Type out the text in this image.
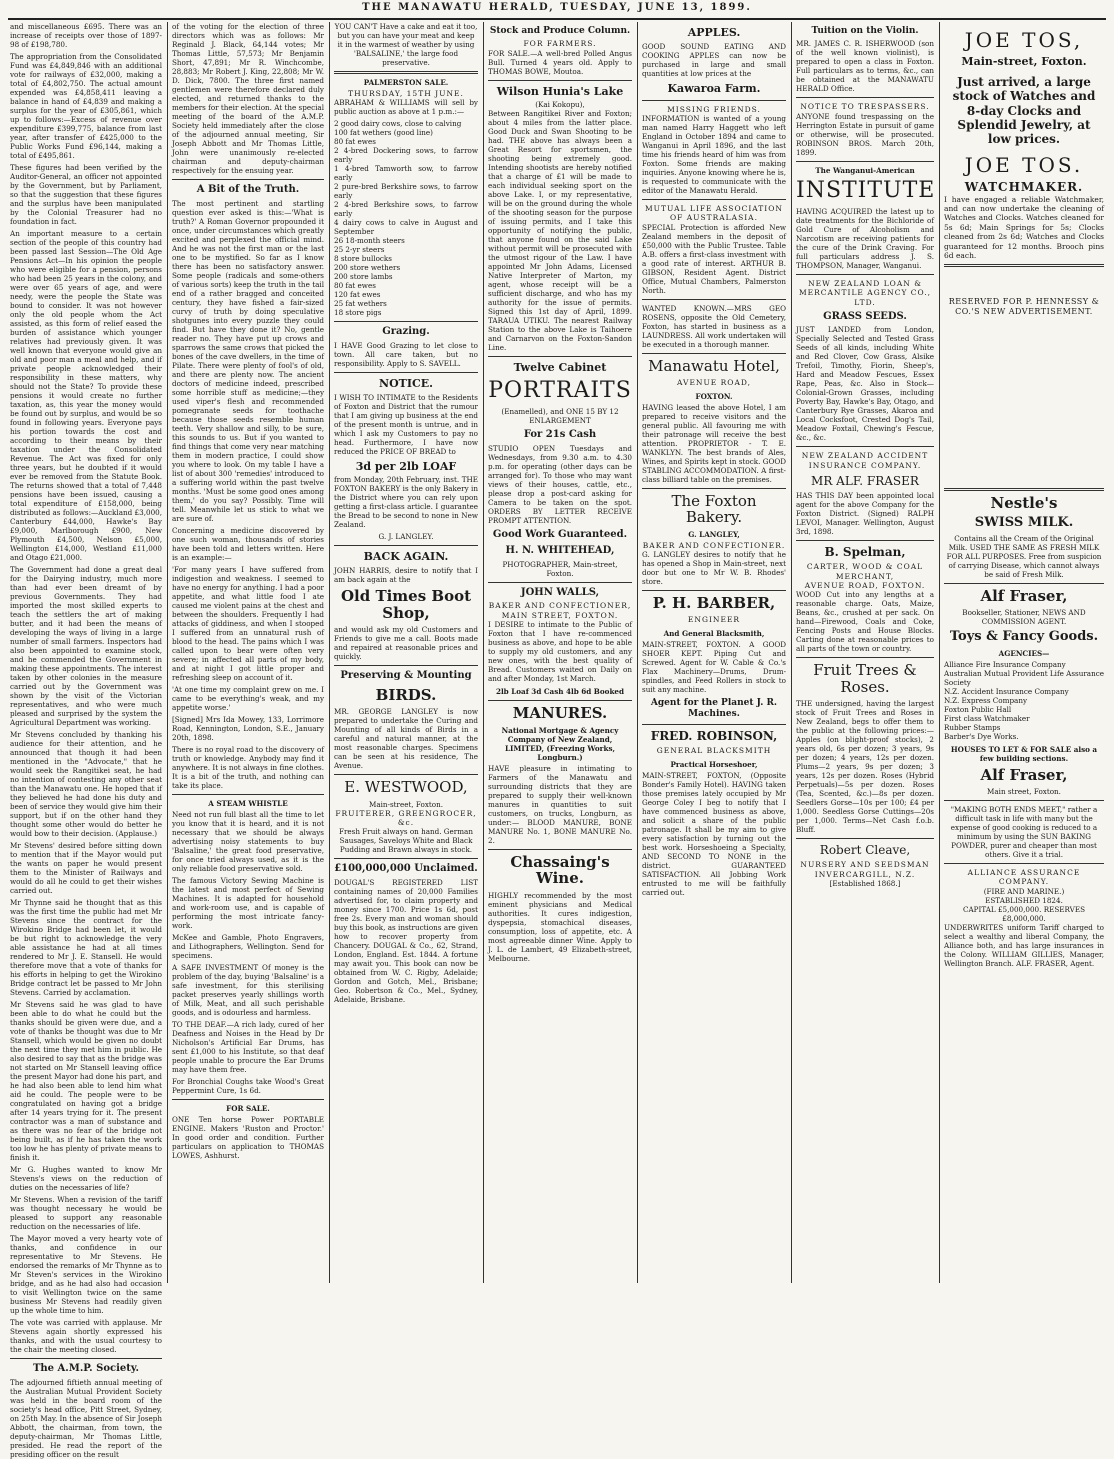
THE MANAWATU HERALD, TUESDAY, JUNE 13, 1899.

and miscellaneous £695. There was an increase of receipts over those of 1897-98 of £198,780.

The appropriation from the Consolidated Fund was £4,849,846 with an additional vote for railways of £32,000, making a total of £4,802,750. The actual amount expended was £4,858,411 leaving a balance in hand of £4,839 and making a surplus for the year of £305,861, which up to follows:—Excess of revenue over expenditure £399,775, balance from last year, after transfer of £425,000 to the Public Works Fund £96,144, making a total of £495,861.

These figures had been verified by the Auditor-General, an officer not appointed by the Government, but by Parliament, so that the suggestion that these figures and the surplus have been manipulated by the Colonial Treasurer had no foundation in fact.

An important measure to a certain section of the people of this country had been passed last Session—The Old Age Pensions Act—In his opinion the people who were eligible for a pension, persons who had been 25 years in the colony, and were over 65 years of age, and were needy, were the people the State was bound to consider. It was not however only the old people whom the Act assisted, as this form of relief eased the burden of assistance which younger relatives had previously given. It was well known that everyone would give an old and poor man a meal and help, and if private people acknowledged their responsibility in these matters, why should not the State? To provide these pensions it would create no further taxation, as, this year the money would be found out by surplus, and would be so found in following years. Everyone pays his portion towards the cost and according to their means by their taxation under the Consolidated Revenue. The Act was fixed for only three years, but he doubted if it would ever be removed from the Statute Book. The returns showed that a total of 7,448 pensions have been issued, causing a total expenditure of £158,000, being distributed as follows:—Auckland £3,000, Canterbury £44,000, Hawke's Bay £9,000, Marlborough £900, New Plymouth £4,500, Nelson £5,000, Wellington £14,000, Westland £11,000 and Otago £21,000.

The Government had done a great deal for the Dairying industry, much more than had ever been dreamt of by previous Governments. They had imported the most skilled experts to teach the settlers the art of making butter, and it had been the means of developing the ways of living in a large number of small farmers. Inspectors had also been appointed to examine stock, and he commended the Government in making these appointments. The interest taken by other colonies in the measure carried out by the Government was shown by the visit of the Victorian representatives, and who were much pleased and surprised by the system the Agricultural Department was working.

Mr Stevens concluded by thanking his audience for their attention, and he announced that though it had been mentioned in the "Advocate," that he would seek the Rangitikei seat, he had no intention of contesting any other seat than the Manawatu one. He hoped that if they believed he had done his duty and been of service they would give him their support, but if on the other hand they thought some other would do better he would bow to their decision. (Applause.)

Mr Stevens' desired before sitting down to mention that if the Mayor would put the wants on paper he would present them to the Minister of Railways and would do all he could to get their wishes carried out.

Mr Thynne said he thought that as this was the first time the public had met Mr Stevens since the contract for the Wirokino Bridge had been let, it would be but right to acknowledge the very able assistance he had at all times rendered to Mr J. E. Stansell. He would therefore move that a vote of thanks for his efforts in helping to get the Wirokino Bridge contract let be passed to Mr John Stevens. Carried by acclamation.

Mr Stevens said he was glad to have been able to do what he could but the thanks should be given were due, and a vote of thanks be thought was due to Mr Stansell, which would be given no doubt the next time they met him in public. He also desired to say that as the bridge was not started on Mr Stansell leaving office the present Mayor had done his part, and he had also been able to lend him what aid he could. The people were to be congratulated on having got a bridge after 14 years trying for it. The present contractor was a man of substance and as there was no fear of the bridge not being built, as if he has taken the work too low he has plenty of private means to finish it.

Mr G. Hughes wanted to know Mr Stevens's views on the reduction of duties on the necessaries of life?

Mr Stevens. When a revision of the tariff was thought necessary he would be pleased to support any reasonable reduction on the necessaries of life.

The Mayor moved a very hearty vote of thanks, and confidence in our representative to Mr Stevens. He endorsed the remarks of Mr Thynne as to Mr Steven's services in the Wirokino bridge, and as he had also had occasion to visit Wellington twice on the same business Mr Stevens had readily given up the whole time to him.

The vote was carried with applause. Mr Stevens again shortly expressed his thanks, and with the usual courtesy to the chair the meeting closed.

The A.M.P. Society.

The adjourned fiftieth annual meeting of the Australian Mutual Provident Society was held in the board room of the society's head office, Pitt Street, Sydney, on 25th May. In the absence of Sir Joseph Abbott, the chairman, from town, the deputy-chairman, Mr Thomas Little, presided. He read the report of the presiding officer on the result

of the voting for the election of three directors which was as follows: Mr Reginald J. Black, 64,144 votes; Mr Thomas Little, 57,573; Mr Benjamin Short, 47,891; Mr R. Winchcombe, 28,883; Mr Robert J. King, 22,808; Mr W. D. Dick, 7800. The three first named gentlemen were therefore declared duly elected, and returned thanks to the members for their election. At the special meeting of the board of the A.M.P. Society held immediately after the close of the adjourned annual meeting, Sir Joseph Abbott and Mr Thomas Little, John were unanimously re-elected chairman and deputy-chairman respectively for the ensuing year.

A Bit of the Truth.

The most pertinent and startling question ever asked is this:—'What is truth?' A Roman Governor propounded it once, under circumstances which greatly excited and perplexed the official mind. And he was not the first man or the last one to be mystified. So far as I know there has been no satisfactory answer. Some people (radicals and some-others of various sorts) keep the truth in the tail end of a rather bragged and conceited century, they have fished a fair-sized curvy of truth by doing speculative shotgunes into every puzzle they could find. But have they done it? No, gentle reader no. They have put up crows and sparrows the same crows that picked the bones of the cave dwellers, in the time of Pilate. There were plenty of fool's of old, and there are plenty now. The ancient doctors of medicine indeed, prescribed some horrible stuff as medicine;—they used viper's flesh and recommended pomegranate seeds for toothache because those seeds resemble human teeth. Very shallow and silly, to be sure, this sounds to us. But if you wanted to find things that come very near matching them in modern practice, I could show you where to look. On my table I have a list of about 300 'remedies' introduced to a suffering world within the past twelve months. 'Must be some good ones among them,' do you say? Possibly. Time will tell. Meanwhile let us stick to what we are sure of.

Concerning a medicine discovered by one such woman, thousands of stories have been told and letters written. Here is an example:—

'For many years I have suffered from indigestion and weakness. I seemed to have no energy for anything. I had a poor appetite, and what little food I ate caused me violent pains at the chest and between the shoulders. Frequently I had attacks of giddiness, and when I stooped I suffered from an unnatural rush of blood to the head. The pains which I was called upon to bear were often very severe; in affected all parts of my body, and at night I got little proper and refreshing sleep on account of it.

'At one time my complaint grew on me. I came to be everything's weak, and my appetite worse.'

[Signed] Mrs Ida Mowey, 133, Lorrimore Road, Kennington, London, S.E., January 20th, 1898.

There is no royal road to the discovery of truth or knowledge. Anybody may find it anywhere. It is not always in fine clothes. It is a bit of the truth, and nothing can take its place.

A STEAM WHISTLE

Need not run full blast all the time to let you know that it is heard, and it is not necessary that we should be always advertising noisy statements to buy 'Balsaline,' the great food preservative, for once tried always used, as it is the only reliable food preservative sold.

The famous Victory Sewing Machine is the latest and most perfect of Sewing Machines. It is adapted for household and work-room use, and is capable of performing the most intricate fancy-work.

McKee and Gamble, Photo Engravers, and Lithographers, Wellington. Send for specimens.

A SAFE INVESTMENT Of money is the problem of the day, buying 'Balsaline' is a safe investment, for this sterilising packet preserves yearly shillings worth of Milk, Meat, and all such perishable goods, and is odourless and harmless.

TO THE DEAF.—A rich lady, cured of her Deafness and Noises in the Head by Dr Nicholson's Artificial Ear Drums, has sent £1,000 to his Institute, so that deaf people unable to procure the Ear Drums may have them free.

For Bronchial Coughs take Wood's Great Peppermint Cure, 1s 6d.

FOR SALE.

ONE Ten horse Power PORTABLE ENGINE. Makers 'Ruston and Proctor.' In good order and condition. Further particulars on application to THOMAS LOWES, Ashhurst.

YOU CAN'T Have a cake and eat it too, but you can have your meat and keep it in the warmest of weather by using 'BALSALINE,' the large food preservative.

PALMERSTON SALE.
THURSDAY, 15TH JUNE.

ABRAHAM & WILLIAMS will sell by public auction as above at 1 p.m.:—

2 good dairy cows, close to calving
100 fat wethers (good line)
80 fat ewes
2 4-bred Dockering sows, to farrow early
1 4-bred Tamworth sow, to farrow early
2 pure-bred Berkshire sows, to farrow early
2 4-bred Berkshire sows, to farrow early
4 dairy cows to calve in August and September
26 18-month steers
25 2-yr steers
8 store bullocks
200 store wethers
200 store lambs
80 fat ewes
120 fat ewes
25 fat wethers
18 store pigs
Grazing.

I HAVE Good Grazing to let close to town. All care taken, but no responsibility. Apply to S. SAVELL.

NOTICE.

I WISH TO INTIMATE to the Residents of Foxton and District that the rumour that I am giving up business at the end of the present month is untrue, and in which I ask my Customers to pay no head. Furthermore, I have now reduced the PRICE OF BREAD to

3d per 2lb LOAF

from Monday, 20th February, inst. THE FOXTON BAKERY is the only Bakery in the District where you can rely upon getting a first-class article. I guarantee the Bread to be second to none in New Zealand.

G. J. LANGLEY.
BACK AGAIN.

JOHN HARRIS, desire to notify that I am back again at the

Old Times Boot Shop,

and would ask my old Customers and Friends to give me a call. Boots made and repaired at reasonable prices and quickly.

Preserving & Mounting
BIRDS.

MR. GEORGE LANGLEY is now prepared to undertake the Curing and Mounting of all kinds of Birds in a careful and natural manner, at the most reasonable charges. Specimens can be seen at his residence, The Avenue.

E. WESTWOOD,
Main-street, Foxton.
FRUITERER, GREENGROCER, &c.

Fresh Fruit always on hand. German Sausages, Saveloys White and Black Pudding and Brawn always in stock.

£100,000,000 Unclaimed.

DOUGAL'S REGISTERED LIST containing names of 20,000 Families advertised for, to claim property and money since 1700. Price 1s 6d, post free 2s. Every man and woman should buy this book, as instructions are given how to recover property from Chancery. DOUGAL & Co., 62, Strand, London, England. Est. 1844. A fortune may await you. This book can now be obtained from W. C. Rigby, Adelaide; Gordon and Gotch, Mel., Brisbane; Geo. Robertson & Co., Mel., Sydney, Adelaide, Brisbane.

Stock and Produce Column.
FOR FARMERS.

FOR SALE.—A well-bred Polled Angus Bull. Turned 4 years old. Apply to THOMAS BOWE, Moutoa.

Wilson Hunia's Lake
(Kai Kokopu),

Between Rangitikei River and Foxton; about 4 miles from the latter place. Good Duck and Swan Shooting to be had. THE above has always been a Great Resort for sportsmen, the shooting being extremely good. Intending shootists are hereby notified that a charge of £1 will be made to each individual seeking sport on the above Lake. I, or my representative, will be on the ground during the whole of the shooting season for the purpose of issuing permits, and I take this opportunity of notifying the public, that anyone found on the said Lake without permit will be prosecuted with the utmost rigour of the Law. I have appointed Mr John Adams, Licensed Native Interpreter of Marton, my agent, whose receipt will be a sufficient discharge, and who has my authority for the issue of permits. Signed this 1st day of April, 1899. TARAUA UTIKU. The nearest Railway Station to the above Lake is Taihoere and Carnarvon on the Foxton-Sandon Line.

Twelve Cabinet
PORTRAITS
(Enamelled), and ONE 15 BY 12 ENLARGEMENT
For 21s Cash

STUDIO OPEN Tuesdays and Wednesdays, from 9.30 a.m. to 4.30 p.m. for operating (other days can be arranged for). To those who may want views of their houses, cattle, etc., please drop a post-card asking for Camera to be taken on the spot. ORDERS BY LETTER RECEIVE PROMPT ATTENTION.

Good Work Guaranteed.
H. N. WHITEHEAD,
PHOTOGRAPHER, Main-street, Foxton.
JOHN WALLS,
BAKER AND CONFECTIONER, MAIN STREET, FOXTON.

I DESIRE to intimate to the Public of Foxton that I have re-commenced business as above, and hope to be able to supply my old customers, and any new ones, with the best quality of Bread. Customers waited on Daily on and after Monday, 1st March.

2lb Loaf 3d Cash 4lb 6d Booked
MANURES.
National Mortgage & Agency Company of New Zealand, LIMITED, (Freezing Works, Longburn.)

HAVE pleasure in intimating to Farmers of the Manawatu and surrounding districts that they are prepared to supply their well-known manures in quantities to suit customers, on trucks, Longburn, as under:— BLOOD MANURE, BONE MANURE No. 1, BONE MANURE No. 2.

Chassaing's Wine.

HIGHLY recommended by the most eminent physicians and Medical authorities. It cures indigestion, dyspepsia, stomachical diseases, consumption, loss of appetite, etc. A most agreeable dinner Wine. Apply to J. L. de Lambert, 49 Elizabeth-street, Melbourne.

APPLES.

GOOD SOUND EATING AND COOKING APPLES can now be purchased in large and small quantities at low prices at the

Kawaroa Farm.
MISSING FRIENDS.

INFORMATION is wanted of a young man named Harry Haggett who left England in October 1894 and came to Wanganui in April 1896, and the last time his friends heard of him was from Foxton. Some friends are making inquiries. Anyone knowing where he is, is requested to communicate with the editor of the Manawatu Herald.

MUTUAL LIFE ASSOCIATION OF AUSTRALASIA.

SPECIAL Protection is afforded New Zealand members in the deposit of £50,000 with the Public Trustee. Table A.B. offers a first-class investment with a good rate of interest. ARTHUR B. GIBSON, Resident Agent. District Office, Mutual Chambers, Palmerston North.

WANTED KNOWN.—MRS GEO ROSENS, opposite the Old Cemetery, Foxton, has started in business as a LAUNDRESS. All work undertaken will be executed in a thorough manner.

Manawatu Hotel,
AVENUE ROAD,
FOXTON.

HAVING leased the above Hotel, I am prepared to receive visitors and the general public. All favouring me with their patronage will receive the best attention. PROPRIETOR - T. E. WANKLYN. The best brands of Ales, Wines, and Spirits kept in stock. GOOD STABLING ACCOMMODATION. A first-class billiard table on the premises.

The Foxton Bakery.
G. LANGLEY,
BAKER AND CONFECTIONER.

G. LANGLEY desires to notify that he has opened a Shop in Main-street, next door but one to Mr W. B. Rhodes' store.

P. H. BARBER,
ENGINEER
And General Blacksmith,

MAIN-STREET, FOXTON. A GOOD SHOER KEPT. Piping Cut and Screwed. Agent for W. Cable & Co.'s Flax Machinery—Drums, Drum-spindles, and Feed Rollers in stock to suit any machine.

Agent for the Planet J. R. Machines.
FRED. ROBINSON,
GENERAL BLACKSMITH
Practical Horseshoer,

MAIN-STREET, FOXTON, (Opposite Bonder's Family Hotel). HAVING taken those premises lately occupied by Mr George Coley I beg to notify that I have commenced business as above, and solicit a share of the public patronage. It shall be my aim to give every satisfaction by turning out the best work. Horseshoeing a Specialty, AND SECOND TO NONE in the district. GUARANTEED SATISFACTION. All Jobbing Work entrusted to me will be faithfully carried out.

Tuition on the Violin.

MR. JAMES C. R. ISHERWOOD (son of the well known violinist), is prepared to open a class in Foxton. Full particulars as to terms, &c., can be obtained at the MANAWATU HERALD Office.

NOTICE TO TRESPASSERS.

ANYONE found trespassing on the Herrington Estate in pursuit of game or otherwise, will be prosecuted. ROBINSON BROS. March 20th, 1899.

The Wanganui-American
INSTITUTE

HAVING ACQUIRED the latest up to date treatments for the Bichloride of Gold Cure of Alcoholism and Narcotism are receiving patients for the cure of the Drink Craving. For full particulars address J. S. THOMPSON, Manager, Wanganui.

NEW ZEALAND LOAN & MERCANTILE AGENCY CO., LTD.
GRASS SEEDS.

JUST LANDED from London, Specially Selected and Tested Grass Seeds of all kinds, including White and Red Clover, Cow Grass, Alsike Trefoil, Timothy, Fiorin, Sheep's, Hard and Meadow Fescues, Essex Rape, Peas, &c. Also in Stock—Colonial-Grown Grasses, including Poverty Bay, Hawke's Bay, Otago, and Canterbury Rye Grasses, Akaroa and Local Cocksfoot, Crested Dog's Tail, Meadow Foxtail, Chewing's Fescue, &c., &c.

NEW ZEALAND ACCIDENT INSURANCE COMPANY.
MR ALF. FRASER

HAS THIS DAY been appointed local agent for the above Company for the Foxton District. (Signed) RALPH LEVOI, Manager. Wellington, August 3rd, 1898.

B. Spelman,
CARTER, WOOD & COAL MERCHANT,
AVENUE ROAD, FOXTON.

WOOD Cut into any lengths at a reasonable charge. Oats, Maize, Beans, &c., crushed at per sack. On hand—Firewood, Coals and Coke, Fencing Posts and House Blocks. Carting done at reasonable prices to all parts of the town or country.

Fruit Trees & Roses.

THE undersigned, having the largest stock of Fruit Trees and Roses in New Zealand, begs to offer them to the public at the following prices:— Apples (on blight-proof stocks), 2 years old, 6s per dozen; 3 years, 9s per dozen; 4 years, 12s per dozen. Plums—2 years, 9s per dozen; 3 years, 12s per dozen. Roses (Hybrid Perpetuals)—5s per dozen. Roses (Tea, Scented, &c.)—8s per dozen. Seedlers Gorse—10s per 100; £4 per 1,000. Seedless Gorse Cuttings—20s per 1,000. Terms—Net Cash f.o.b. Bluff.

Robert Cleave,
NURSERY AND SEEDSMAN
INVERCARGILL, N.Z.
[Established 1868.]
JOE TOS,
Main-street, Foxton.
Just arrived, a large stock of Watches and 8-day Clocks and Splendid Jewelry, at low prices.
JOE TOS.
WATCHMAKER.

I have engaged a reliable Watchmaker, and can now undertake the cleaning of Watches and Clocks. Watches cleaned for 5s 6d; Main Springs for 5s; Clocks cleaned from 2s 6d; Watches and Clocks guaranteed for 12 months. Brooch pins 6d each.

RESERVED FOR P. HENNESSY & CO.'S NEW ADVERTISEMENT.
Nestle's
SWISS MILK.

Contains all the Cream of the Original Milk. USED THE SAME AS FRESH MILK FOR ALL PURPOSES. Free from suspicion of carrying Disease, which cannot always be said of Fresh Milk.

Alf Fraser,
Bookseller, Stationer, NEWS AND COMMISSION AGENT.
Toys & Fancy Goods.
AGENCIES—
Alliance Fire Insurance Company
Australian Mutual Provident Life Assurance Society
N.Z. Accident Insurance Company
N.Z. Express Company
Foxton Public Hall
First class Watchmaker
Rubber Stamps
Barber's Dye Works.
HOUSES TO LET & FOR SALE also a few building sections.
Alf Fraser,
Main street, Foxton.

"MAKING BOTH ENDS MEET," rather a difficult task in life with many but the expense of good cooking is reduced to a minimum by using the SUN BAKING POWDER, purer and cheaper than most others. Give it a trial.

ALLIANCE ASSURANCE COMPANY.
(FIRE AND MARINE.)
ESTABLISHED 1824.
CAPITAL £5,000,000. RESERVES £8,000,000.

UNDERWRITES uniform Tariff charged to select a wealthy and liberal Company, the Alliance both, and has large insurances in the Colony. WILLIAM GILLIES, Manager, Wellington Branch. ALF. FRASER, Agent.
